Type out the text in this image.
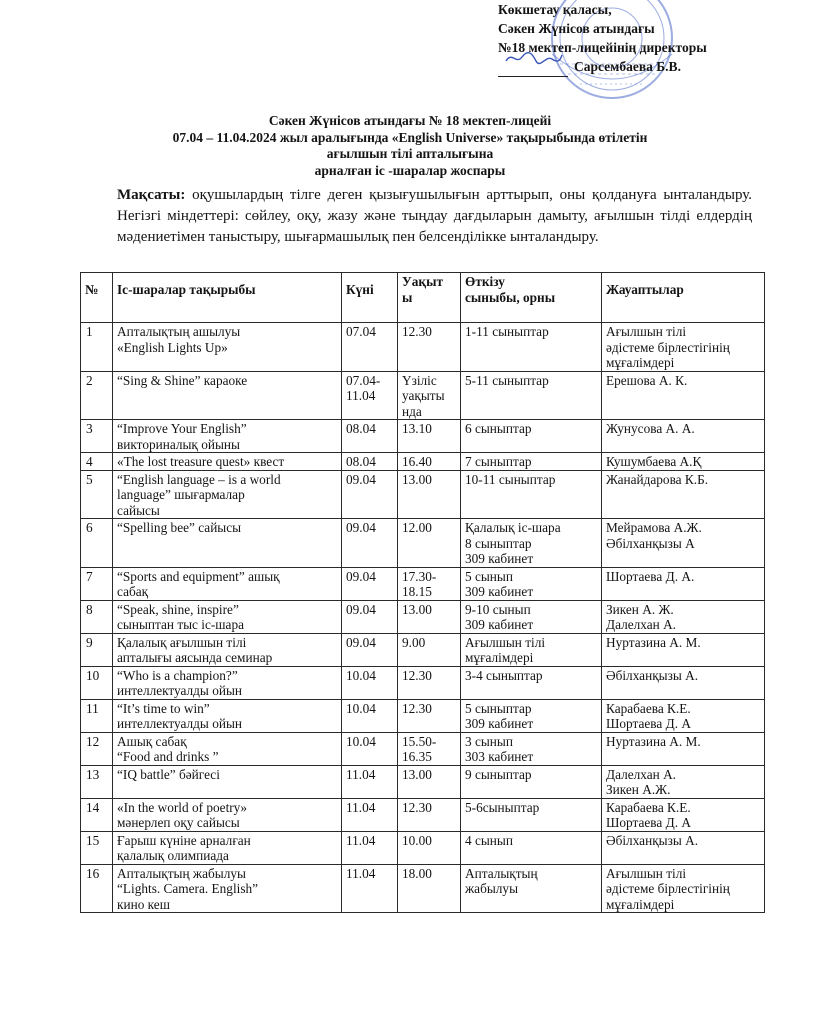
Көкшетау қаласы,
Сәкен Жүнісов атындағы
№18 мектеп-лицейінің директоры

Сарсембаева Б.В.
Сәкен Жүнісов атындағы № 18 мектеп-лицейі
07.04 – 11.04.2024 жыл аралығында «English Universe» тақырыбында өтілетін
ағылшын тілі апталығына
арналған іс -шаралар жоспары
Мақсаты: оқушылардың тілге деген қызығушылығын арттырып, оны қолдануға ынталандыру. Негізгі міндеттері: сөйлеу, оқу, жазу және тыңдау дағдыларын дамыту, ағылшын тілді елдердің мәдениетімен таныстыру, шығармашылық пен белсенділікке ынталандыру.
№	Іс-шаралар тақырыбы	Күні	Уақыт
ы	Өткізу
сыныбы, орны	Жауаптылар
1	Апталықтың ашылуы
«English Lights Up»	07.04	12.30	1-11 сыныптар	Ағылшын тілі
әдістеме бірлестігінің
мұғалімдері

2	“Sing & Shine” караоке	07.04-
11.04	Үзіліс
уақыты
нда	5-11 сыныптар	Ерешова А. К.

3	“Improve Your English”
викториналық ойыны	08.04	13.10	6 сыныптар	Жунусова А. А.

4	«The lost treasure quest» квест	08.04	16.40	7 сыныптар	Кушумбаева А.Қ

5	“English language – is a world
language” шығармалар
сайысы	09.04	13.00	10-11 сыныптар	Жанайдарова К.Б.

6	“Spelling bee” сайысы	09.04	12.00	Қалалық іс-шара
8 сыныптар
309 кабинет	Мейрамова А.Ж.
Әбілханқызы А

7	“Sports and equipment” ашық
сабақ	09.04	17.30-
18.15	5 сынып
309 кабинет	Шортаева Д. А.

8	“Speak, shine, inspire”
сыныптан тыс іс-шара	09.04	13.00	9-10 сынып
309 кабинет	Зикен А. Ж.
Далелхан А.

9	Қалалық ағылшын тілі
апталығы аясында семинар	09.04	9.00	Ағылшын тілі
мұғалімдері	Нуртазина А. М.

10	“Who is a champion?”
интеллектуалды ойын	10.04	12.30	3-4 сыныптар	Әбілханқызы А.

11	“It’s time to win”
интеллектуалды ойын	10.04	12.30	5 сыныптар
309 кабинет	Карабаева К.Е.
Шортаева Д. А

12	Ашық сабақ
“Food and drinks ”	10.04	15.50-
16.35	3 сынып
303 кабинет	Нуртазина А. М.

13	“IQ battle” бәйгесі	11.04	13.00	9 сыныптар	Далелхан А.
Зикен А.Ж.

14	«In the world of poetry»
мәнерлеп оқу сайысы	11.04	12.30	5-6сыныптар	Карабаева К.Е.
Шортаева Д. А

15	Ғарыш күніне арналған
қалалық олимпиада	11.04	10.00	4 сынып	Әбілханқызы А.

16	Апталықтың жабылуы
“Lights. Camera. English”
кино кеш	11.04	18.00	Апталықтың
жабылуы	Ағылшын тілі
әдістеме бірлестігінің
мұғалімдері
